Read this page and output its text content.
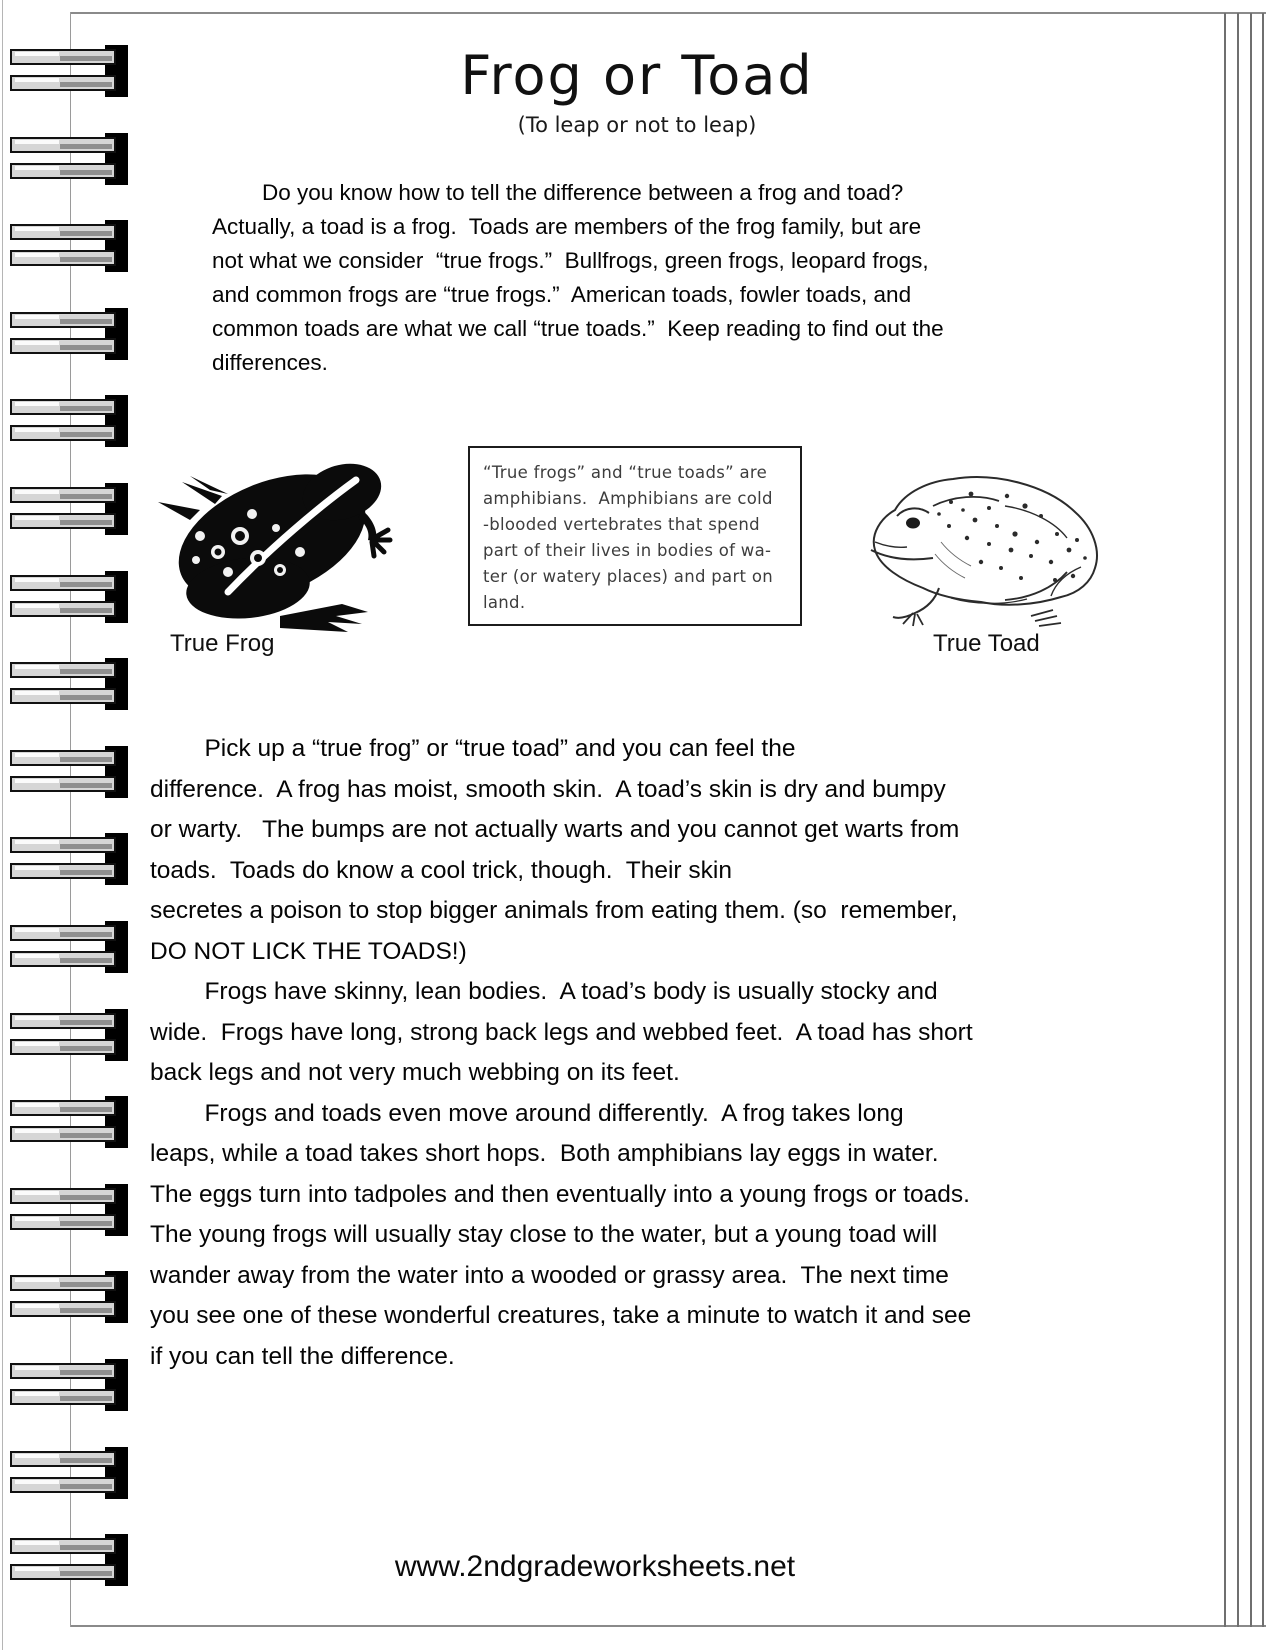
Frog or Toad
(To leap or not to leap)
Do you know how to tell the difference between a frog and toad?
Actually, a toad is a frog.  Toads are members of the frog family, but are
not what we consider  “true frogs.”  Bullfrogs, green frogs, leopard frogs,
and common frogs are “true frogs.”  American toads, fowler toads, and
common toads are what we call “true toads.”  Keep reading to find out the
differences.
“True frogs” and “true toads” are
amphibians.  Amphibians are cold
-blooded vertebrates that spend
part of their lives in bodies of wa-
ter (or watery places) and part on
land.
True Frog	True Toad
Pick up a “true frog” or “true toad” and you can feel the
difference.  A frog has moist, smooth skin.  A toad’s skin is dry and bumpy
or warty.   The bumps are not actually warts and you cannot get warts from
toads.  Toads do know a cool trick, though.  Their skin
secretes a poison to stop bigger animals from eating them. (so  remember,
DO NOT LICK THE TOADS!)
Frogs have skinny, lean bodies.  A toad’s body is usually stocky and
wide.  Frogs have long, strong back legs and webbed feet.  A toad has short
back legs and not very much webbing on its feet.
Frogs and toads even move around differently.  A frog takes long
leaps, while a toad takes short hops.  Both amphibians lay eggs in water.
The eggs turn into tadpoles and then eventually into a young frogs or toads.
The young frogs will usually stay close to the water, but a young toad will
wander away from the water into a wooded or grassy area.  The next time
you see one of these wonderful creatures, take a minute to watch it and see
if you can tell the difference.
www.2ndgradeworksheets.net
